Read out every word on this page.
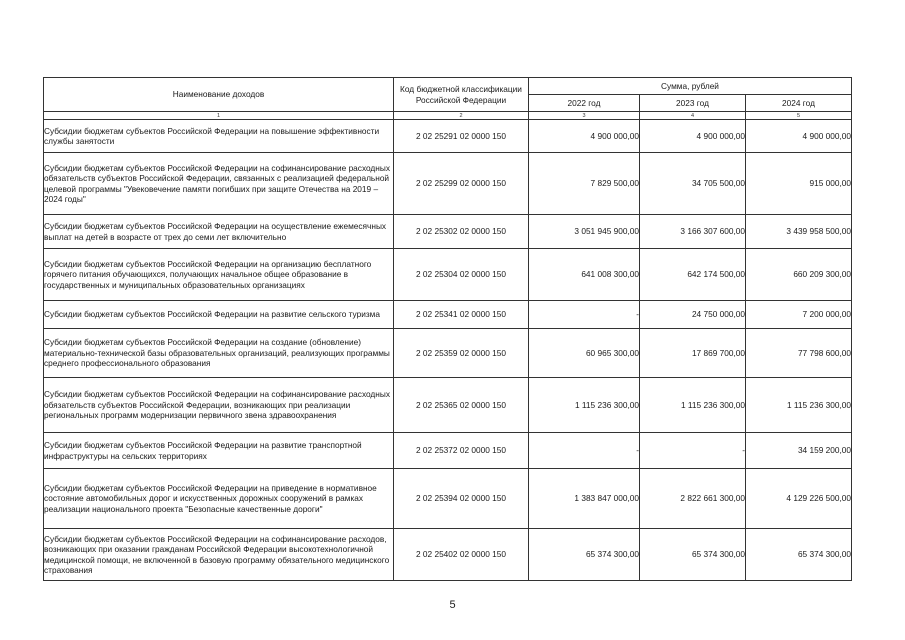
Наименование доходов	Код бюджетной классификации Российской Федерации	Сумма, рублей		
		2022 год	2023 год	2024 год
1	2	3	4	5
Субсидии бюджетам субъектов Российской Федерации на повышение эффективности службы занятости	2 02 25291 02 0000 150	4 900 000,00	4 900 000,00	4 900 000,00
Субсидии бюджетам субъектов Российской Федерации на софинансирование расходных обязательств субъектов Российской Федерации, связанных с реализацией федеральной целевой программы "Увековечение памяти погибших при защите Отечества на 2019 – 2024 годы"	2 02 25299 02 0000 150	7 829 500,00	34 705 500,00	915 000,00
Субсидии бюджетам субъектов Российской Федерации на осуществление ежемесячных выплат на детей в возрасте от трех до семи лет включительно	2 02 25302 02 0000 150	3 051 945 900,00	3 166 307 600,00	3 439 958 500,00
Субсидии бюджетам субъектов Российской Федерации на организацию бесплатного горячего питания обучающихся, получающих начальное общее образование в государственных и муниципальных образовательных организациях	2 02 25304 02 0000 150	641 008 300,00	642 174 500,00	660 209 300,00
Субсидии бюджетам субъектов Российской Федерации на развитие сельского туризма	2 02 25341 02 0000 150	-	24 750 000,00	7 200 000,00
Субсидии бюджетам субъектов Российской Федерации на создание (обновление) материально-технической базы образовательных организаций, реализующих программы среднего профессионального образования	2 02 25359 02 0000 150	60 965 300,00	17 869 700,00	77 798 600,00
Субсидии бюджетам субъектов Российской Федерации на софинансирование расходных обязательств субъектов Российской Федерации, возникающих при реализации региональных программ модернизации первичного звена здравоохранения	2 02 25365 02 0000 150	1 115 236 300,00	1 115 236 300,00	1 115 236 300,00
Субсидии бюджетам субъектов Российской Федерации на развитие транспортной инфраструктуры на сельских территориях	2 02 25372 02 0000 150	-	-	34 159 200,00
Субсидии бюджетам субъектов Российской Федерации на приведение в нормативное состояние автомобильных дорог и искусственных дорожных сооружений в рамках реализации национального проекта "Безопасные качественные дороги"	2 02 25394 02 0000 150	1 383 847 000,00	2 822 661 300,00	4 129 226 500,00
Субсидии бюджетам субъектов Российской Федерации на софинансирование расходов, возникающих при оказании гражданам Российской Федерации высокотехнологичной медицинской помощи, не включенной в базовую программу обязательного медицинского страхования	2 02 25402 02 0000 150	65 374 300,00	65 374 300,00	65 374 300,00
5
